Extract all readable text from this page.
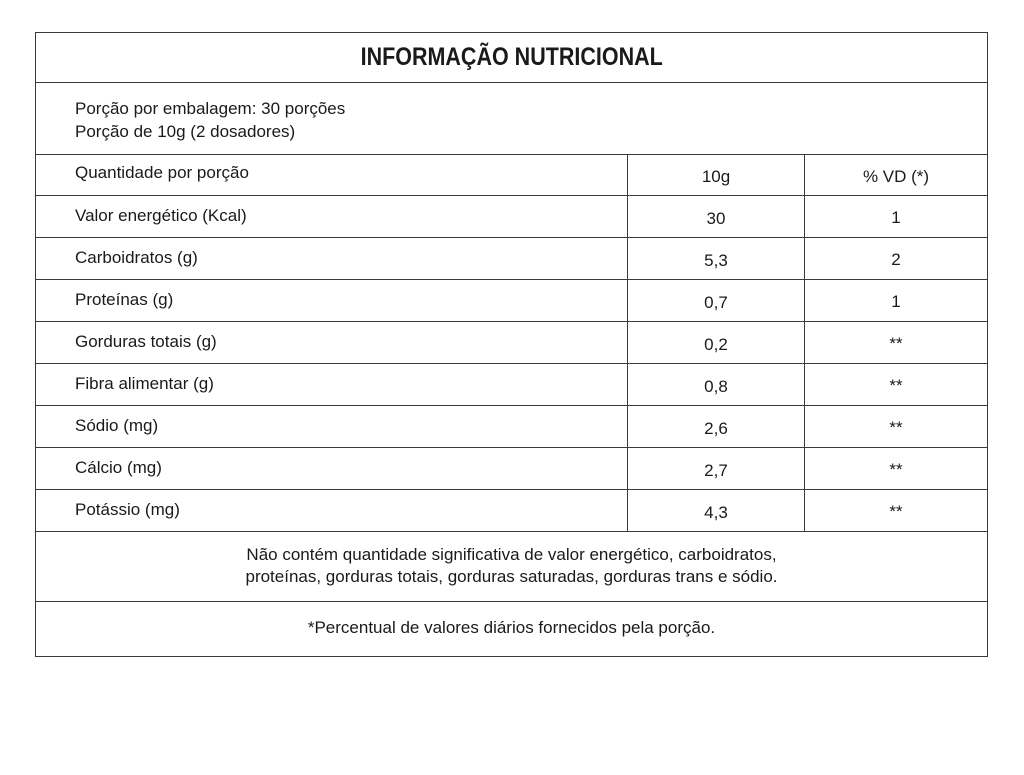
INFORMAÇÃO NUTRICIONAL
Porção por embalagem: 30 porções
Porção de 10g (2 dosadores)
Quantidade por porção	10g	% VD (*)
Valor energético (Kcal)	30	1
Carboidratos (g)	5,3	2
Proteínas (g)	0,7	1
Gorduras totais (g)	0,2	**
Fibra alimentar (g)	0,8	**
Sódio (mg)	2,6	**
Cálcio (mg)	2,7	**
Potássio (mg)	4,3	**
Não contém quantidade significativa de valor energético, carboidratos,
proteínas, gorduras totais, gorduras saturadas, gorduras trans e sódio.
*Percentual de valores diários fornecidos pela porção.
